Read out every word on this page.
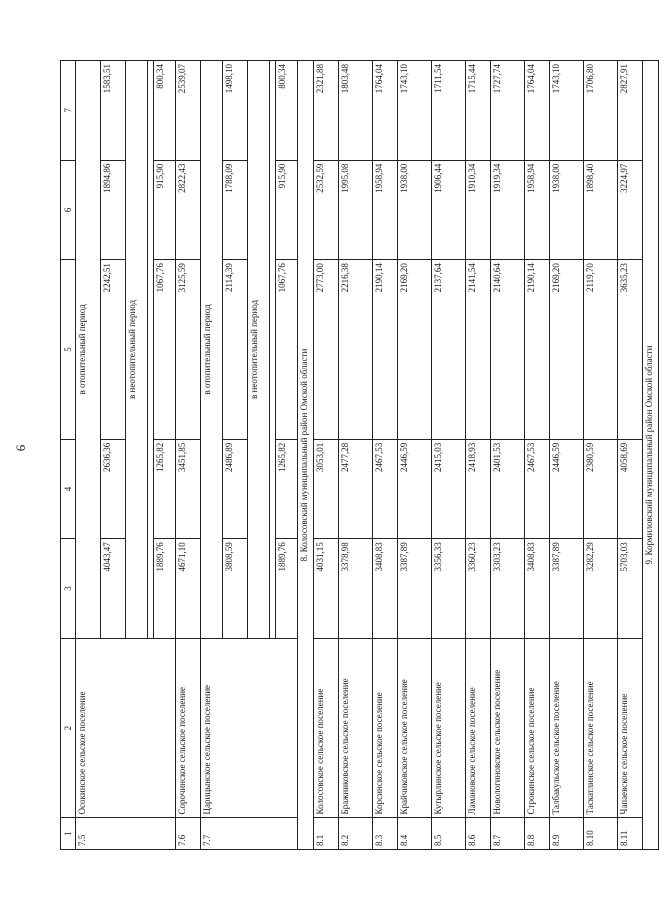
6
1	2	3	4	5	6	7
7.5	Осокинское сельское поселение	в отопительный период				
		4043,47	2636,36	2242,51	1894,86	1583,51
		в неотопительный период				

		1889,76	1265,82	1067,76	915,90	800,34
7.6	Сорочинское сельское поселение	4671,10	3451,85	3125,59	2822,43	2539,07
7.7	Царицынское сельское поселение	в отопительный период				
		3808,59	2486,89	2114,39	1788,09	1498,10
		в неотопительный период				

		1889,76	1265,82	1067,76	915,90	800,34
8. Колосовский муниципальный район Омской области						
8.1	Колосовское сельское поселение	4031,15	3053,01	2773,00	2532,59	2321,88
8.2	Бражниковское сельское поселение	3378,98	2477,28	2216,38	1995,08	1803,48
8.3	Корсинское сельское поселение	3408,83	2467,53	2190,14	1958,94	1764,04
8.4	Крайчиковское сельское поселение	3387,89	2446,59	2169,20	1938,00	1743,10
8.5	Кутырлинское сельское поселение	3356,33	2415,03	2137,64	1906,44	1711,54
8.6	Ламановское сельское поселение	3360,23	2418,93	2141,54	1910,34	1715,44
8.7	Новологиновское сельское поселение	3303,23	2401,53	2140,64	1919,34	1727,74
8.8	Строкинское сельское поселение	3408,83	2467,53	2190,14	1958,94	1764,04
8.9	Талбакульское сельское поселение	3387,89	2446,59	2169,20	1938,00	1743,10
8.10	Таскатлинское сельское поселение	3282,29	2380,59	2119,70	1898,40	1706,80
8.11	Чапаевское сельское поселение	5703,03	4058,69	3635,23	3224,97	2827,91
9. Кормиловский муниципальный район Омской области						
